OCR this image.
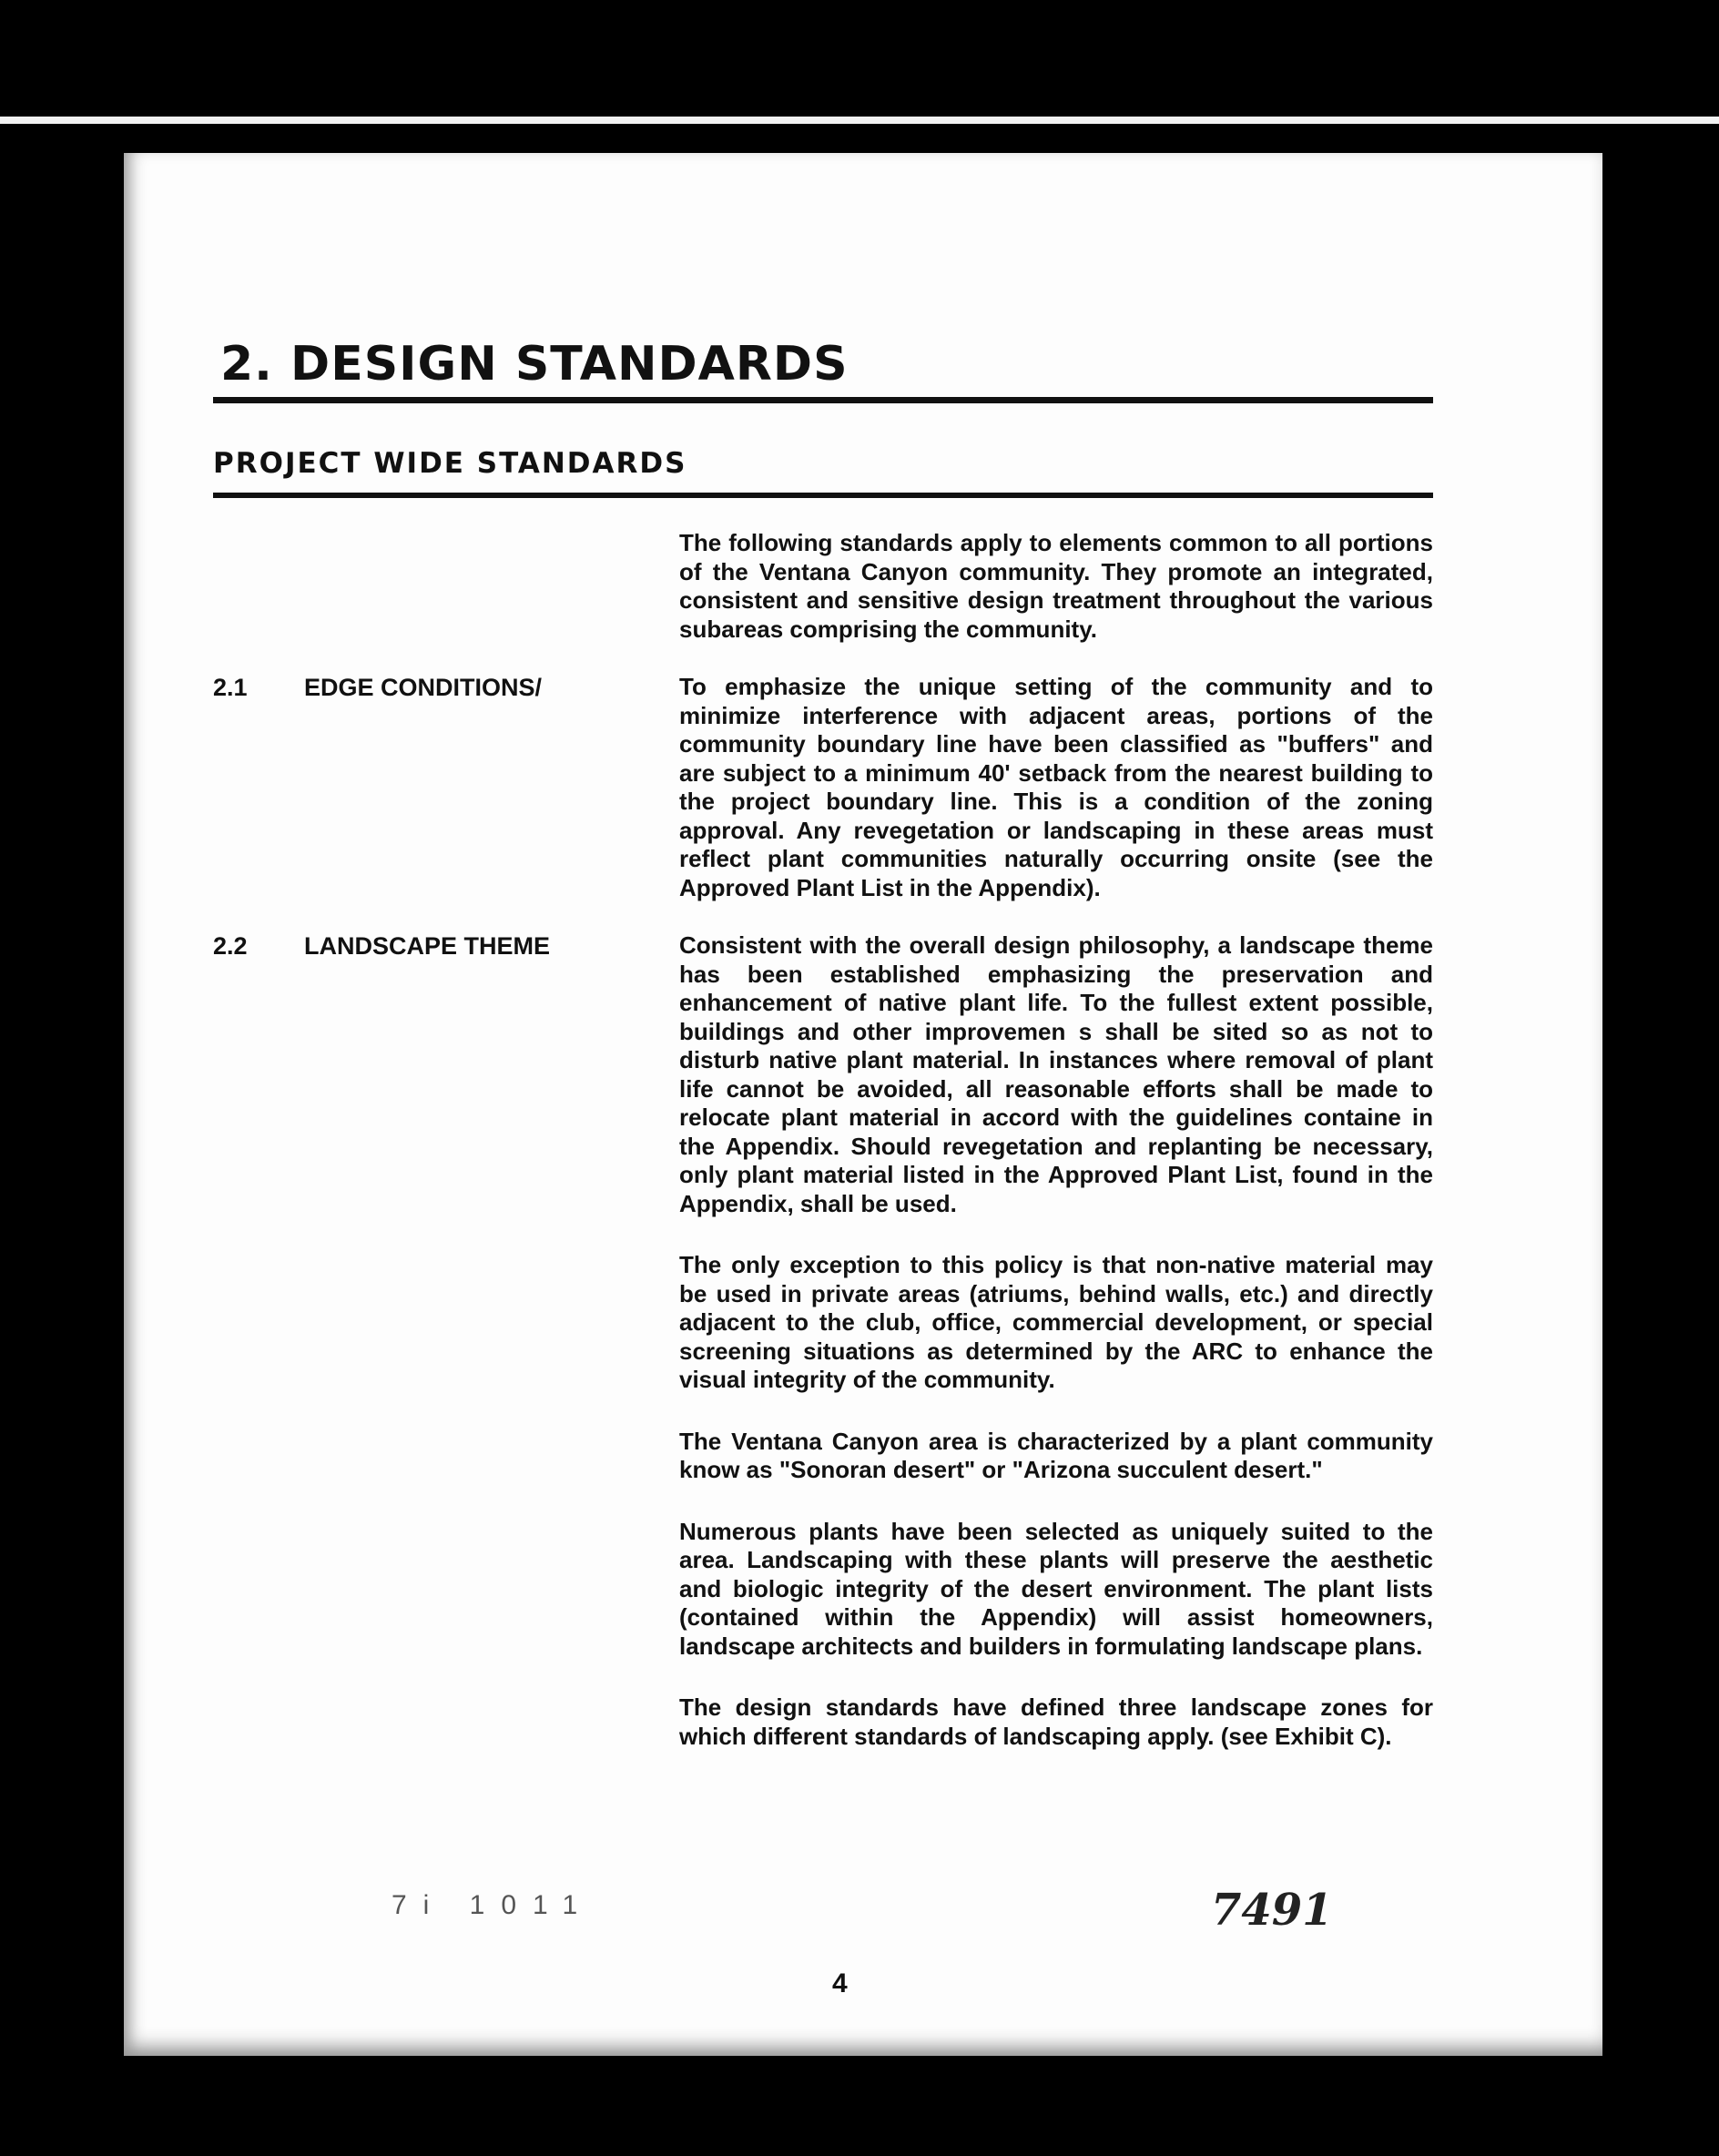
2. DESIGN STANDARDS
PROJECT WIDE STANDARDS

The following standards apply to elements common to all portions of the Ventana Canyon community. They promote an integrated, consistent and sensitive design treatment throughout the various subareas comprising the community.

2.1	EDGE CONDITIONS/	To emphasize the unique setting of the community and to minimize interference with adjacent areas, portions of the community boundary line have been classified as "buffers" and are subject to a minimum 40' setback from the nearest building to the project boundary line. This is a condition of the zoning approval. Any revegetation or landscaping in these areas must reflect plant communities naturally occurring onsite (see the Approved Plant List in the Appendix).

2.2	LANDSCAPE THEME	Consistent with the overall design philosophy, a landscape theme has been established emphasizing the preservation and enhancement of native plant life. To the fullest extent possible, buildings and other improvemen s shall be sited so as not to disturb native plant material. In instances where removal of plant life cannot be avoided, all reasonable efforts shall be made to relocate plant material in accord with the guidelines containe in the Appendix. Should revegetation and replanting be necessary, only plant material listed in the Approved Plant List, found in the Appendix, shall be used.

The only exception to this policy is that non-native material may be used in private areas (atriums, behind walls, etc.) and directly adjacent to the club, office, commercial development, or special screening situations as determined by the ARC to enhance the visual integrity of the community.

The Ventana Canyon area is characterized by a plant community know as "Sonoran desert" or "Arizona succulent desert."

Numerous plants have been selected as uniquely suited to the area. Landscaping with these plants will preserve the aesthetic and biologic integrity of the desert environment. The plant lists (contained within the Appendix) will assist homeowners, landscape architects and builders in formulating landscape plans.

The design standards have defined three landscape zones for which different standards of landscaping apply. (see Exhibit C).

7i 1011	7491
4
